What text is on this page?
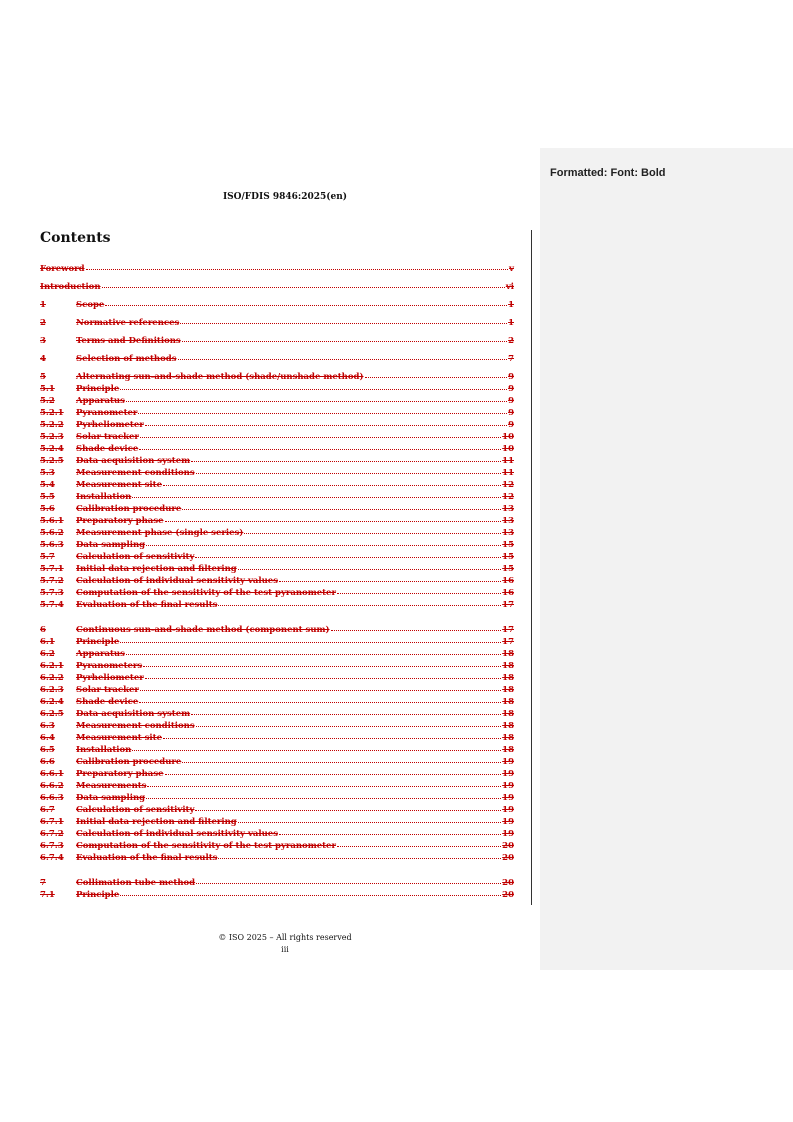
Formatted: Font: Bold
ISO/FDIS 9846:2025(en)
Contents
Foreword	v
Introduction	vi
1	Scope	1
2	Normative references	1
3	Terms and Definitions	2
4	Selection of methods	7
5	Alternating sun-and-shade method (shade/unshade method)	9
5.1	Principle	9
5.2	Apparatus	9
5.2.1	Pyranometer	9
5.2.2	Pyrheliometer	9
5.2.3	Solar tracker	10
5.2.4	Shade device	10
5.2.5	Data acquisition system	11
5.3	Measurement conditions	11
5.4	Measurement site	12
5.5	Installation	12
5.6	Calibration procedure	13
5.6.1	Preparatory phase	13
5.6.2	Measurement phase (single series)	13
5.6.3	Data sampling	15
5.7	Calculation of sensitivity	15
5.7.1	Initial data rejection and filtering	15
5.7.2	Calculation of individual sensitivity values	16
5.7.3	Computation of the sensitivity of the test pyranometer	16
5.7.4	Evaluation of the final results	17
6	Continuous sun-and-shade method (component sum)	17
6.1	Principle	17
6.2	Apparatus	18
6.2.1	Pyranometers	18
6.2.2	Pyrheliometer	18
6.2.3	Solar tracker	18
6.2.4	Shade device	18
6.2.5	Data acquisition system	18
6.3	Measurement conditions	18
6.4	Measurement site	18
6.5	Installation	18
6.6	Calibration procedure	19
6.6.1	Preparatory phase	19
6.6.2	Measurements	19
6.6.3	Data sampling	19
6.7	Calculation of sensitivity	19
6.7.1	Initial data rejection and filtering	19
6.7.2	Calculation of individual sensitivity values	19
6.7.3	Computation of the sensitivity of the test pyranometer	20
6.7.4	Evaluation of the final results	20
7	Collimation tube method	20
7.1	Principle	20
© ISO 2025 – All rights reserved
iii
